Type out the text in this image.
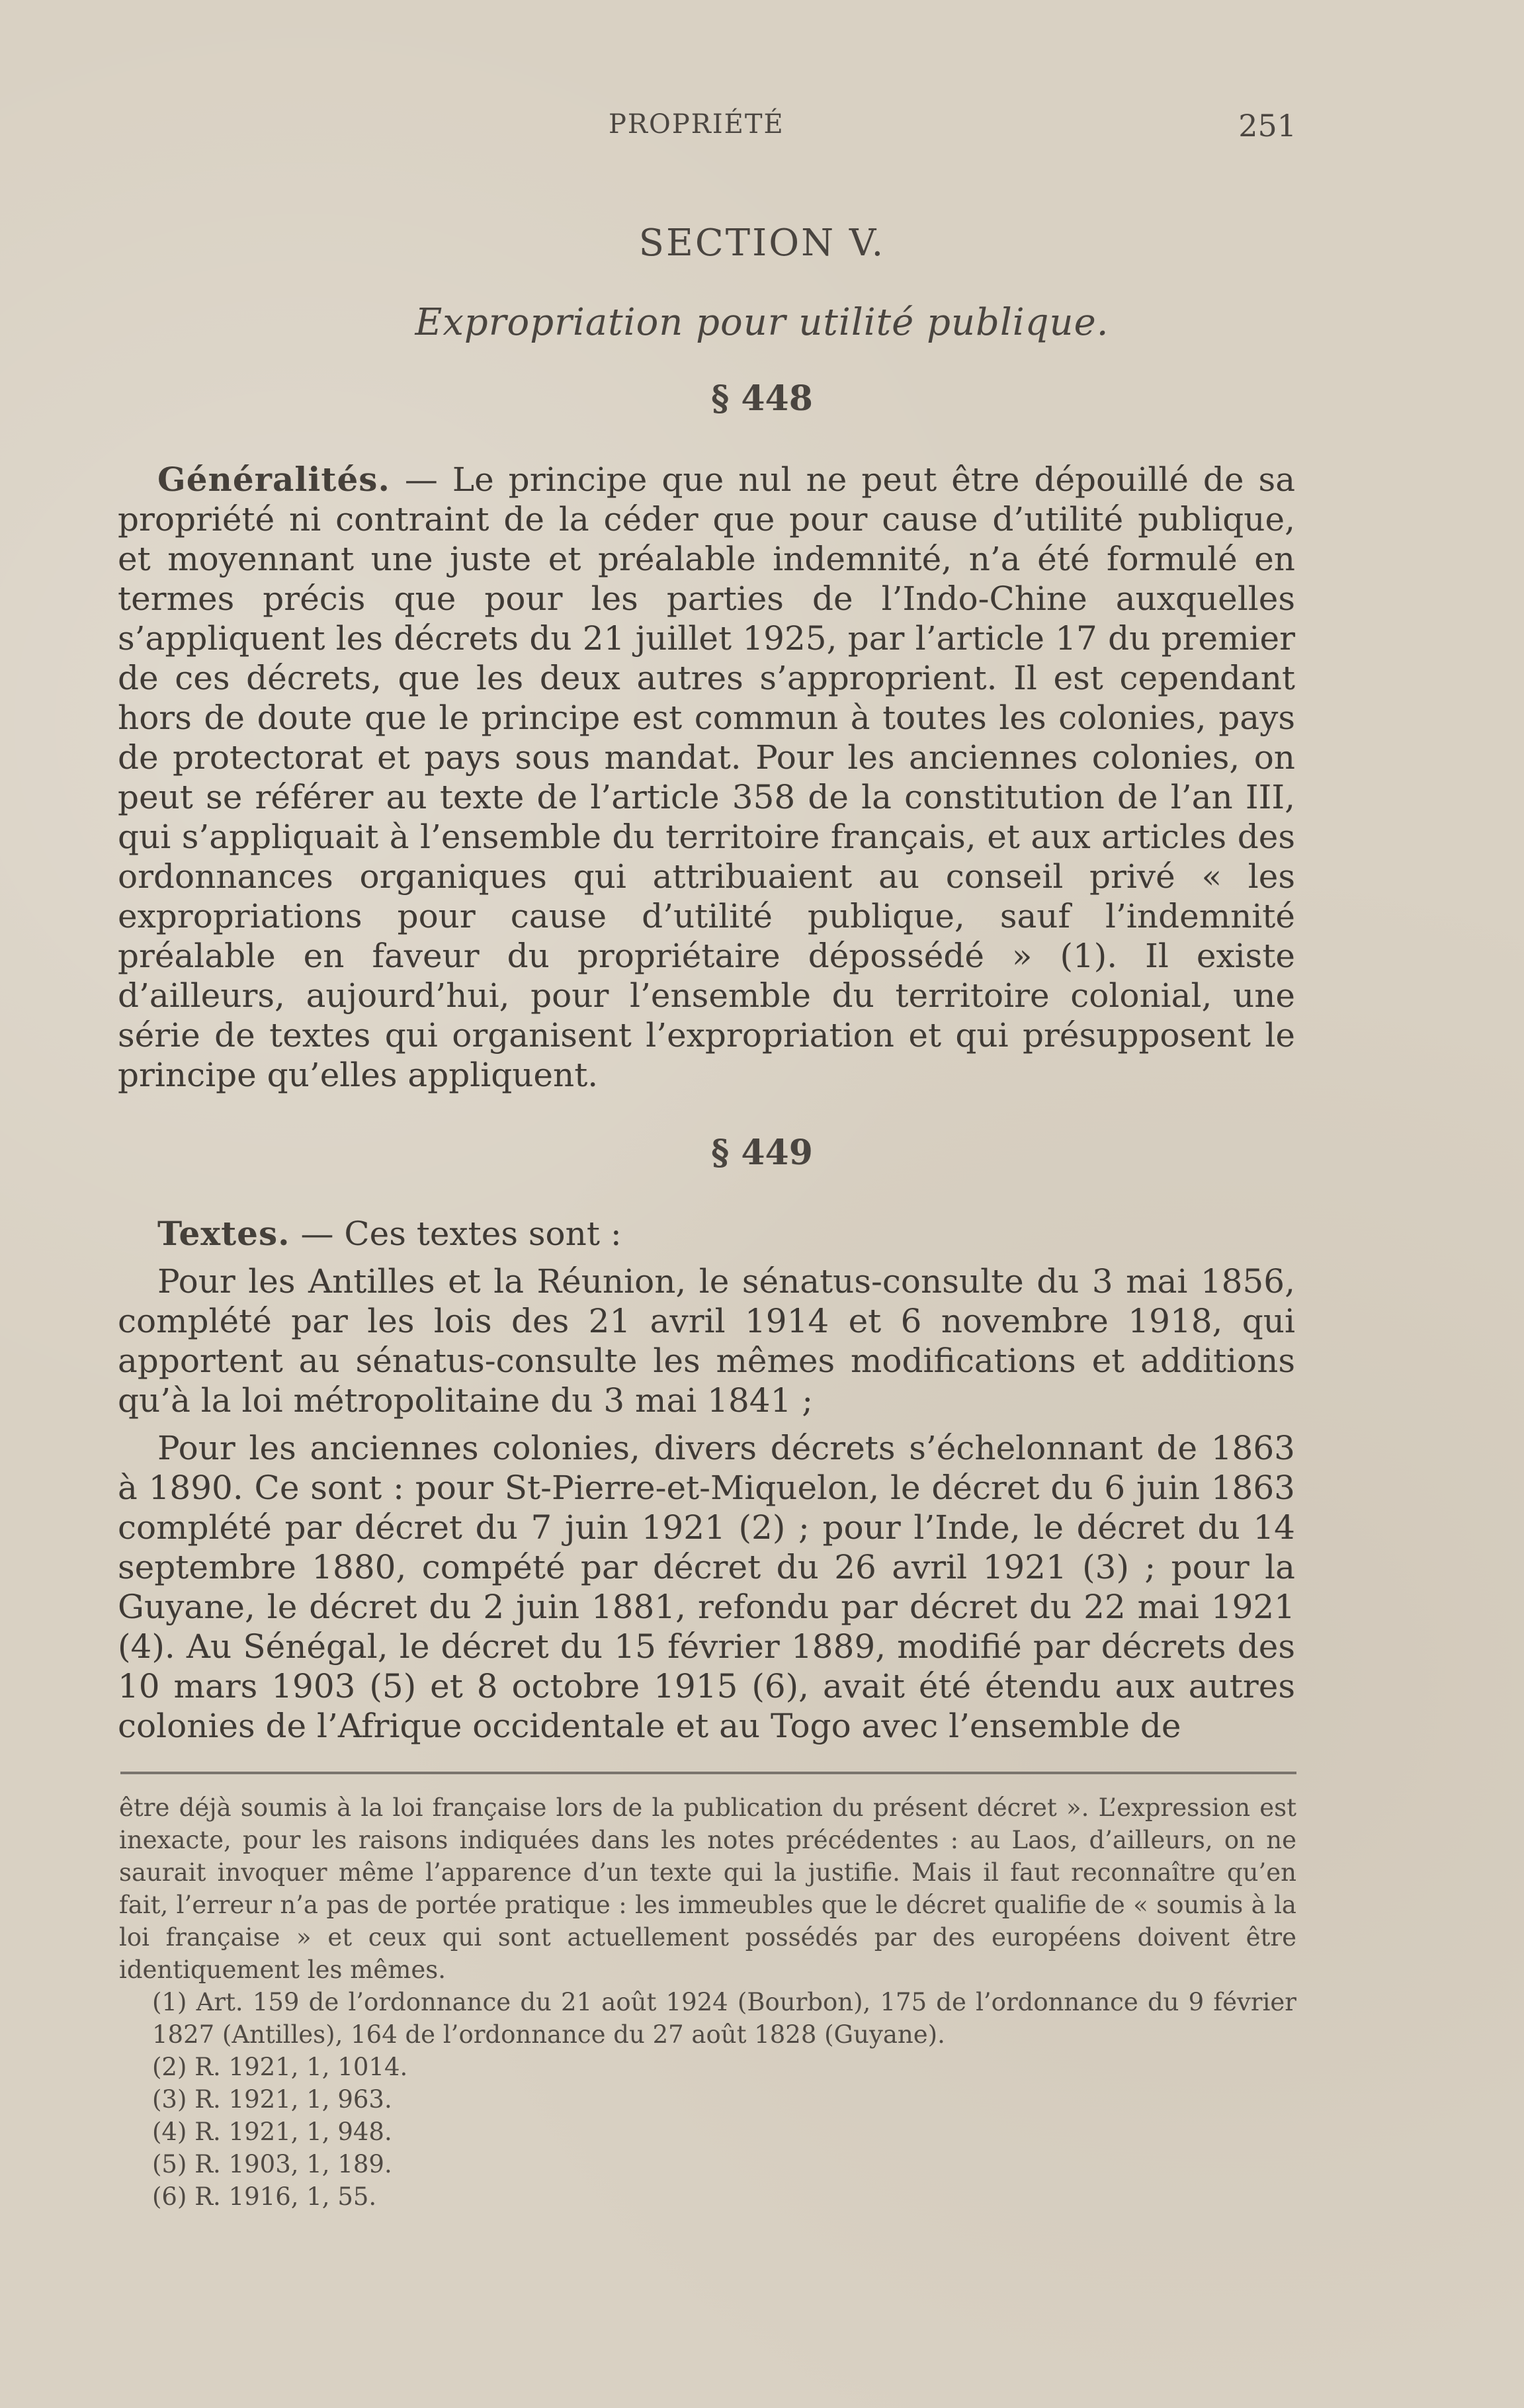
PROPRIÉTÉ	251
SECTION V.
Expropriation pour utilité publique.
§ 448

Généralités. — Le principe que nul ne peut être dépouillé de sa propriété ni contraint de la céder que pour cause d’utilité publique, et moyennant une juste et préalable indemnité, n’a été formulé en termes précis que pour les parties de l’Indo-Chine auxquelles s’appliquent les décrets du 21 juillet 1925, par l’article 17 du premier de ces décrets, que les deux autres s’approprient. Il est cependant hors de doute que le principe est commun à toutes les colonies, pays de protectorat et pays sous mandat. Pour les anciennes colonies, on peut se référer au texte de l’article 358 de la constitution de l’an III, qui s’appliquait à l’ensemble du territoire français, et aux articles des ordonnances organiques qui attribuaient au conseil privé « les expropriations pour cause d’utilité publique, sauf l’indemnité préalable en faveur du propriétaire dépossédé » (1). Il existe d’ailleurs, aujourd’hui, pour l’ensemble du territoire colonial, une série de textes qui organisent l’expropriation et qui présupposent le principe qu’elles appliquent.

§ 449

Textes. — Ces textes sont :

Pour les Antilles et la Réunion, le sénatus-consulte du 3 mai 1856, complété par les lois des 21 avril 1914 et 6 novembre 1918, qui apportent au sénatus-consulte les mêmes modifications et additions qu’à la loi métropolitaine du 3 mai 1841 ;

Pour les anciennes colonies, divers décrets s’échelonnant de 1863 à 1890. Ce sont : pour St-Pierre-et-Miquelon, le décret du 6 juin 1863 complété par décret du 7 juin 1921 (2) ; pour l’Inde, le décret du 14 septembre 1880, compété par décret du 26 avril 1921 (3) ; pour la Guyane, le décret du 2 juin 1881, refondu par décret du 22 mai 1921 (4). Au Sénégal, le décret du 15 février 1889, modifié par décrets des 10 mars 1903 (5) et 8 octobre 1915 (6), avait été étendu aux autres colonies de l’Afrique occidentale et au Togo avec l’ensemble de

être déjà soumis à la loi française lors de la publication du présent décret ». L’expression est inexacte, pour les raisons indiquées dans les notes précédentes : au Laos, d’ailleurs, on ne saurait invoquer même l’apparence d’un texte qui la justifie. Mais il faut reconnaître qu’en fait, l’erreur n’a pas de portée pratique : les immeubles que le décret qualifie de « soumis à la loi française » et ceux qui sont actuellement possédés par des européens doivent être identiquement les mêmes.

(1) Art. 159 de l’ordonnance du 21 août 1924 (Bourbon), 175 de l’ordonnance du 9 février 1827 (Antilles), 164 de l’ordonnance du 27 août 1828 (Guyane).

(2) R. 1921, 1, 1014.

(3) R. 1921, 1, 963.

(4) R. 1921, 1, 948.

(5) R. 1903, 1, 189.

(6) R. 1916, 1, 55.
